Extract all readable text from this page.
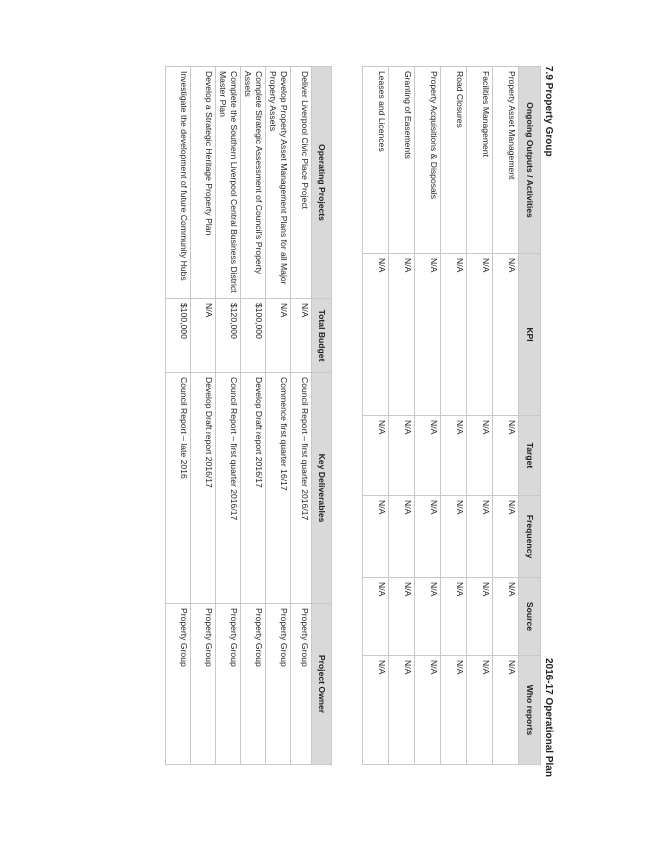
7.9 Property Group
2016-17 Operational Plan
Ongoing Outputs / Activities	KPI	Target	Frequency	Source	Who reports
Property Asset Management	N/A	N/A	N/A	N/A	N/A
Facilities Management	N/A	N/A	N/A	N/A	N/A
Road Closures	N/A	N/A	N/A	N/A	N/A
Property Acquisitions & Disposals	N/A	N/A	N/A	N/A	N/A
Granting of Easements	N/A	N/A	N/A	N/A	N/A
Leases and Licences	N/A	N/A	N/A	N/A	N/A
Operating Projects	Total Budget	Key Deliverables	Project Owner
Deliver Liverpool Civic Place Project	N/A	Council Report – first quarter 2016/17	Property Group
Develop Property Asset Management Plans for all Major Property Assets	N/A	Commence first quarter 16/17	Property Group
Complete Strategic Assessment of Council's Property Assets	$100,000	Develop Draft report 2016/17	Property Group
Complete the Southern Liverpool Central Business District Master Plan	$120,000	Council Report – first quarter 2016/17	Property Group
Develop a Strategic Heritage Property Plan	N/A	Develop Draft report 2016/17	Property Group
Investigate the development of future Community Hubs	$100,000	Council Report – late 2016	Property Group
